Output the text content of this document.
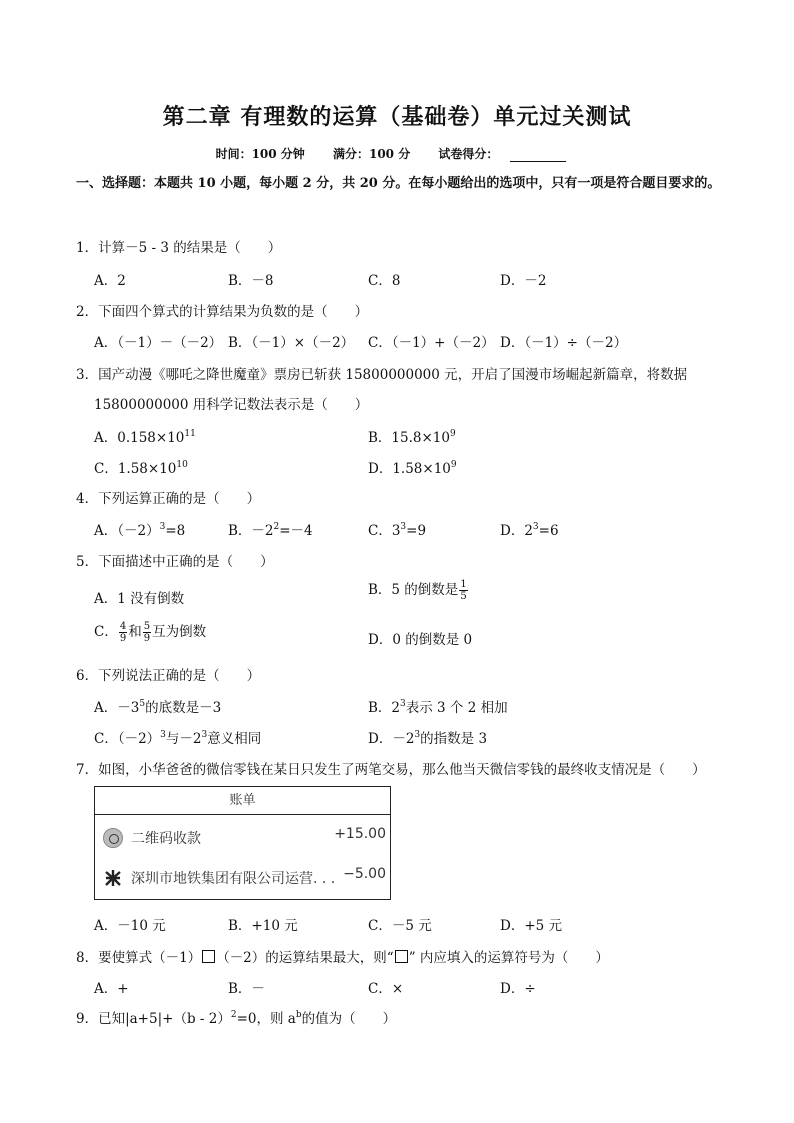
第二章 有理数的运算（基础卷）单元过关测试
时间：100 分钟 满分：100 分 试卷得分：
一、选择题：本题共 10 小题，每小题 2 分，共 20 分。在每小题给出的选项中，只有一项是符合题目要求的。
1．计算－5 - 3 的结果是（　　）
A．2	B．－8	C．8	D．－2
2．下面四个算式的计算结果为负数的是（　　）
A．（－1）－（－2） B．（－1）×（－2） C．（－1）+（－2） D．（－1）÷（－2）
3．国产动漫《哪吒之降世魔童》票房已斩获 15800000000 元，开启了国漫市场崛起新篇章，将数据
15800000000 用科学记数法表示是（　　）
A．$0.158\times 10^{11}$	B．$15.8\times 10^9$
C．$1.58\times 10^{10}$	D．$1.58\times 10^9$
4．下列运算正确的是（　　）
A．$(-2)^3=8$	B．$-2^2=-4$	C．$3^3=9$	D．$2^3=6$
5．下面描述中正确的是（　　）
A．1 没有倒数
B．5 的倒数是 $\frac{1}{5}$
C． $\frac{4}{9}$ 和 $\frac{5}{9}$ 互为倒数	D．0 的倒数是 0
6．下列说法正确的是（　　）
A．$-3^5$的底数是－3	B．$2^3$表示 3 个 2 相加
C．$(-2)^3$与$-2^3$意义相同	D．$-2^3$的指数是 3
7．如图，小华爸爸的微信零钱在某日只发生了两笔交易，那么他当天微信零钱的最终收支情况是（　　）
账单
二维码收款	+15.00
深圳市地铁集团有限公司运营. . . −5.00
A．－10 元	B．+10 元	C．－5 元	D．+5 元
8．要使算式（－1） （－2）的运算结果最大，则“ ” 内应填入的运算符号为（　　）
A．+	B．－	C．×	D．÷
9．已知|a+5|+（b - 2）$^2$=0，则 $a^b$的值为（　　）
